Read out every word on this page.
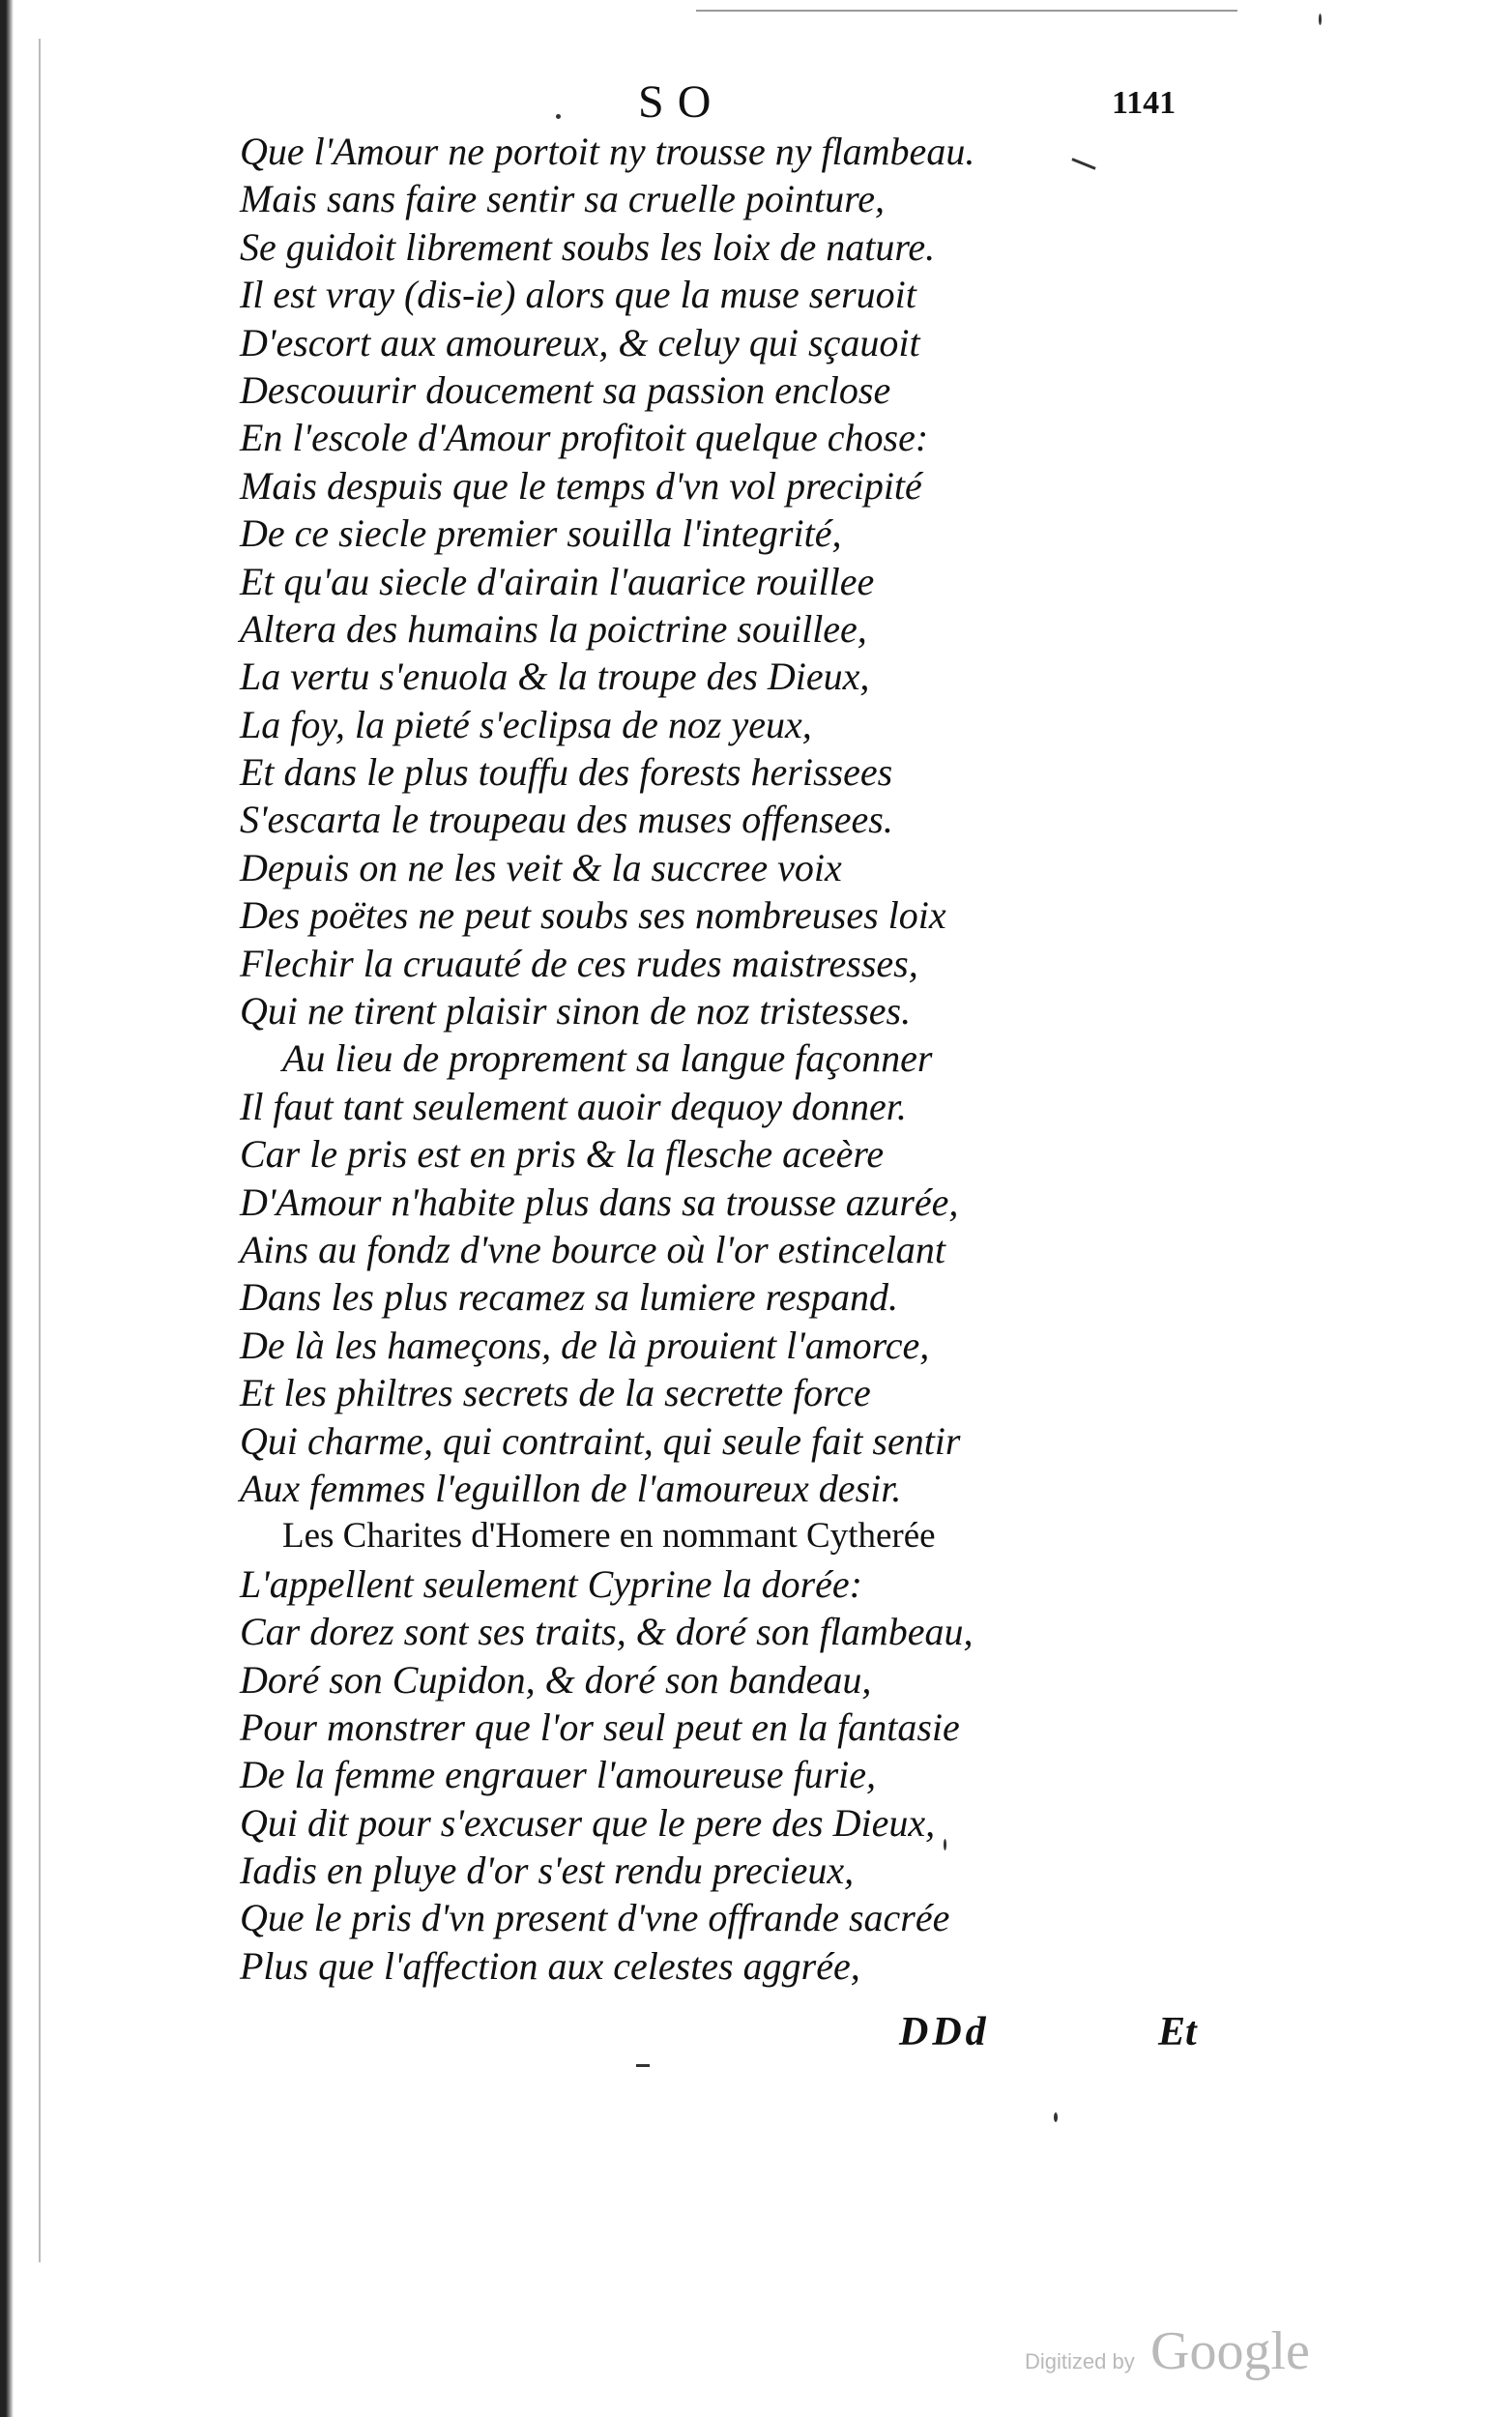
SO	1141
Que l'Amour ne portoit ny trousse ny flambeau.
Mais sans faire sentir sa cruelle pointure,
Se guidoit librement soubs les loix de nature.
Il est vray (dis-ie) alors que la muse seruoit
D'escort aux amoureux, & celuy qui sçauoit
Descouurir doucement sa passion enclose
En l'escole d'Amour profitoit quelque chose:
Mais despuis que le temps d'vn vol precipité
De ce siecle premier souilla l'integrité,
Et qu'au siecle d'airain l'auarice rouillee
Altera des humains la poictrine souillee,
La vertu s'enuola & la troupe des Dieux,
La foy, la pieté s'eclipsa de noz yeux,
Et dans le plus touffu des forests herissees
S'escarta le troupeau des muses offensees.
Depuis on ne les veit & la succree voix
Des poëtes ne peut soubs ses nombreuses loix
Flechir la cruauté de ces rudes maistresses,
Qui ne tirent plaisir sinon de noz tristesses.
Au lieu de proprement sa langue façonner
Il faut tant seulement auoir dequoy donner.
Car le pris est en pris & la flesche aceère
D'Amour n'habite plus dans sa trousse azurée,
Ains au fondz d'vne bource où l'or estincelant
Dans les plus recamez sa lumiere respand.
De là les hameçons, de là prouient l'amorce,
Et les philtres secrets de la secrette force
Qui charme, qui contraint, qui seule fait sentir
Aux femmes l'eguillon de l'amoureux desir.
Les Charites d'Homere en nommant Cytherée
L'appellent seulement Cyprine la dorée:
Car dorez sont ses traits, & doré son flambeau,
Doré son Cupidon, & doré son bandeau,
Pour monstrer que l'or seul peut en la fantasie
De la femme engrauer l'amoureuse furie,
Qui dit pour s'excuser que le pere des Dieux,
Iadis en pluye d'or s'est rendu precieux,
Que le pris d'vn present d'vne offrande sacrée
Plus que l'affection aux celestes aggrée,
DDd	Et
Digitized by Google
